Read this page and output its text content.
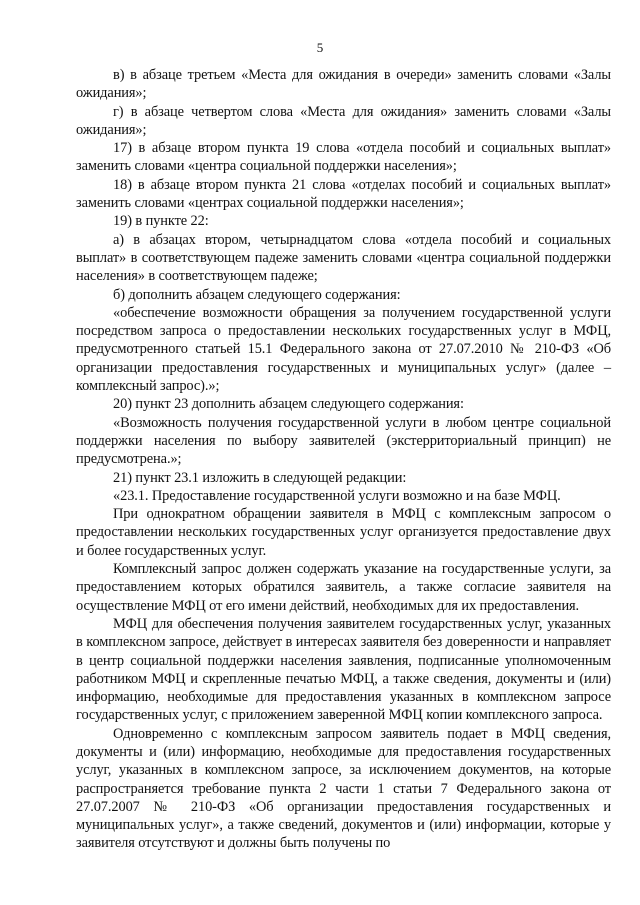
5

в) в абзаце третьем «Места для ожидания в очереди» заменить словами «Залы ожидания»;

г) в абзаце четвертом слова «Места для ожидания» заменить словами «Залы ожидания»;

17) в абзаце втором пункта 19 слова «отдела пособий и социальных выплат» заменить словами «центра социальной поддержки населения»;

18) в абзаце втором пункта 21 слова «отделах пособий и социальных выплат» заменить словами «центрах социальной поддержки населения»;

19) в пункте 22:

а) в абзацах втором, четырнадцатом слова «отдела пособий и социальных выплат» в соответствующем падеже заменить словами «центра социальной поддержки населения» в соответствующем падеже;

б) дополнить абзацем следующего содержания:

«обеспечение возможности обращения за получением государственной услуги посредством запроса о предоставлении нескольких государственных услуг в МФЦ, предусмотренного статьей 15.1 Федерального закона от 27.07.2010 № 210-ФЗ «Об организации предоставления государственных и муниципальных услуг» (далее – комплексный запрос).»;

20) пункт 23 дополнить абзацем следующего содержания:

«Возможность получения государственной услуги в любом центре социальной поддержки населения по выбору заявителей (экстерриториальный принцип) не предусмотрена.»;

21) пункт 23.1 изложить в следующей редакции:

«23.1. Предоставление государственной услуги возможно и на базе МФЦ.

При однократном обращении заявителя в МФЦ с комплексным запросом о предоставлении нескольких государственных услуг организуется предоставление двух и более государственных услуг.

Комплексный запрос должен содержать указание на государственные услуги, за предоставлением которых обратился заявитель, а также согласие заявителя на осуществление МФЦ от его имени действий, необходимых для их предоставления.

МФЦ для обеспечения получения заявителем государственных услуг, указанных в комплексном запросе, действует в интересах заявителя без доверенности и направляет в центр социальной поддержки населения заявления, подписанные уполномоченным работником МФЦ и скрепленные печатью МФЦ, а также сведения, документы и (или) информацию, необходимые для предоставления указанных в комплексном запросе государственных услуг, с приложением заверенной МФЦ копии комплексного запроса.

Одновременно с комплексным запросом заявитель подает в МФЦ сведения, документы и (или) информацию, необходимые для предоставления государственных услуг, указанных в комплексном запросе, за исключением документов, на которые распространяется требование пункта 2 части 1 статьи 7 Федерального закона от 27.07.2007 № 210-ФЗ «Об организации предоставления государственных и муниципальных услуг», а также сведений, документов и (или) информации, которые у заявителя отсутствуют и должны быть получены по
